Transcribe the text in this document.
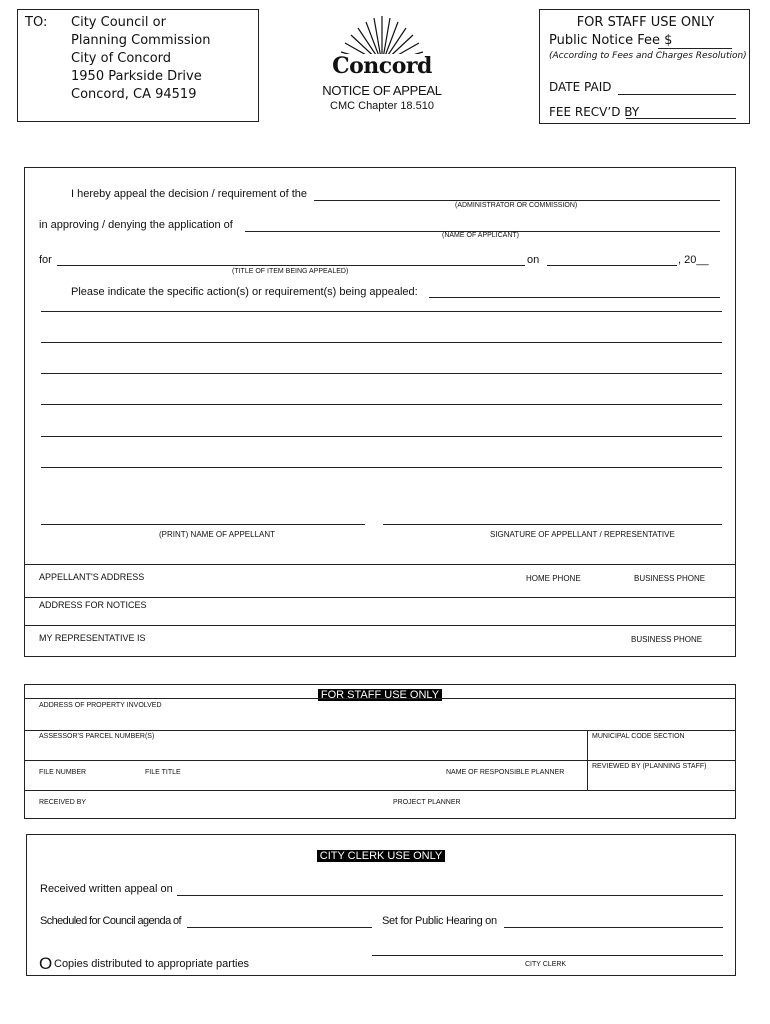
TO: City Council or
Planning Commission
City of Concord
1950 Parkside Drive
Concord, CA 94519
Concord
NOTICE OF APPEAL
CMC Chapter 18.510
FOR STAFF USE ONLY
Public Notice Fee $
(According to Fees and Charges Resolution)
DATE PAID
FEE RECV’D BY
I hereby appeal the decision / requirement of the
(ADMINISTRATOR OR COMMISSION)
in approving / denying the application of
(NAME OF APPLICANT)
for	on	, 20__
(TITLE OF ITEM BEING APPEALED)
Please indicate the specific action(s) or requirement(s) being appealed:
(PRINT) NAME OF APPELLANT	SIGNATURE OF APPELLANT / REPRESENTATIVE
APPELLANT'S ADDRESS	HOME PHONE	BUSINESS PHONE
ADDRESS FOR NOTICES
MY REPRESENTATIVE IS	BUSINESS PHONE
FOR STAFF USE ONLY
ADDRESS OF PROPERTY INVOLVED
ASSESSOR'S PARCEL NUMBER(S)	MUNICIPAL CODE SECTION
FILE NUMBER	FILE TITLE	NAME OF RESPONSIBLE PLANNER
REVIEWED BY (PLANNING STAFF)
RECEIVED BY	PROJECT PLANNER
CITY CLERK USE ONLY
Received written appeal on
Scheduled for Council agenda of	Set for Public Hearing on
O Copies distributed to appropriate parties	CITY CLERK
